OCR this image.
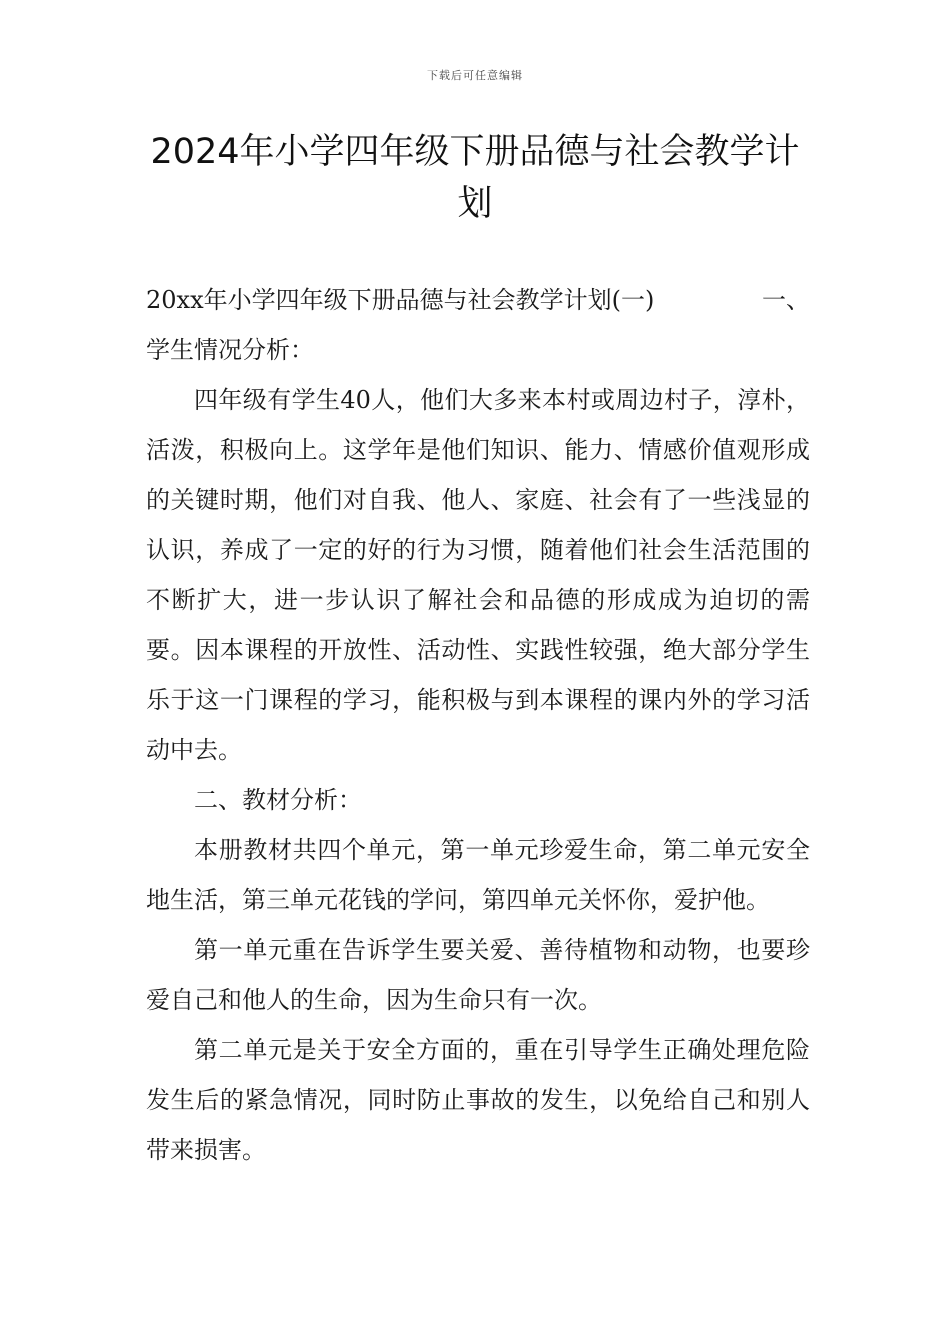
下载后可任意编辑
2024年小学四年级下册品德与社会教学计划
20xx年小学四年级下册品德与社会教学计划(一)	一、

学生情况分析：

四年级有学生40人，他们大多来本村或周边村子，淳朴，活泼，积极向上。这学年是他们知识、能力、情感价值观形成的关键时期，他们对自我、他人、家庭、社会有了一些浅显的认识，养成了一定的好的行为习惯，随着他们社会生活范围的不断扩大，进一步认识了解社会和品德的形成成为迫切的需要。因本课程的开放性、活动性、实践性较强，绝大部分学生乐于这一门课程的学习，能积极与到本课程的课内外的学习活动中去。

二、教材分析：

本册教材共四个单元，第一单元珍爱生命，第二单元安全地生活，第三单元花钱的学问，第四单元关怀你，爱护他。

第一单元重在告诉学生要关爱、善待植物和动物，也要珍爱自己和他人的生命，因为生命只有一次。

第二单元是关于安全方面的，重在引导学生正确处理危险发生后的紧急情况，同时防止事故的发生，以免给自己和别人带来损害。
